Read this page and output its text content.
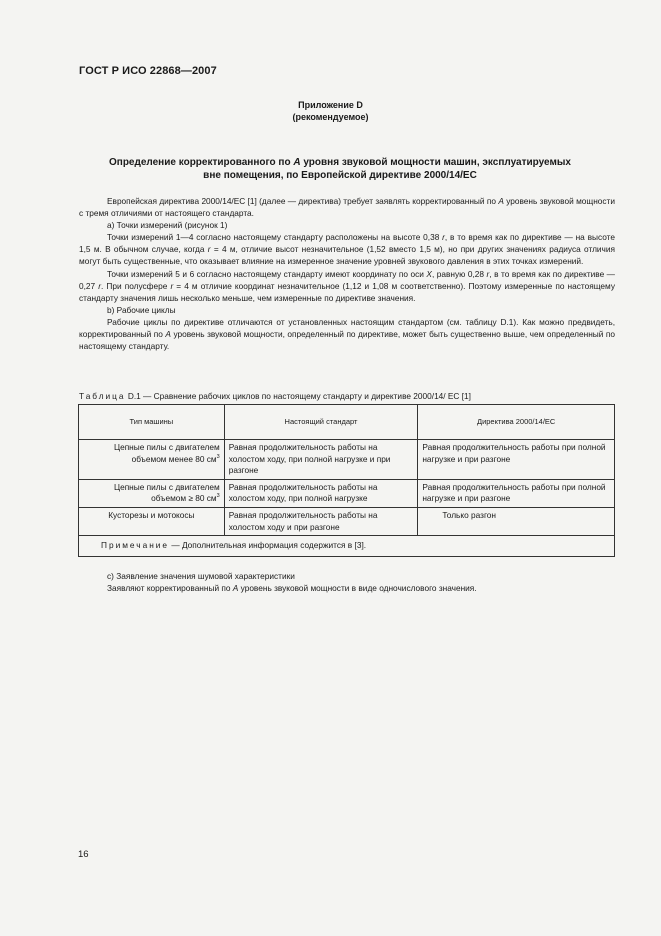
ГОСТ Р ИСО 22868—2007
Приложение D
(рекомендуемое)
Определение корректированного по А уровня звуковой мощности машин, эксплуатируемых
вне помещения, по Европейской директиве 2000/14/ЕС

Европейская директива 2000/14/ЕС [1] (далее — директива) требует заявлять корректированный по А уровень звуковой мощности с тремя отличиями от настоящего стандарта.

a) Точки измерений (рисунок 1)

Точки измерений 1—4 согласно настоящему стандарту расположены на высоте 0,38 r, в то время как по директиве — на высоте 1,5 м. В обычном случае, когда r = 4 м, отличие высот незначительное (1,52 вместо 1,5 м), но при других значениях радиуса отличия могут быть существенные, что оказывает влияние на измеренное значение уровней звукового давления в этих точках измерений.

Точки измерений 5 и 6 согласно настоящему стандарту имеют координату по оси X, равную 0,28 r, в то время как по директиве — 0,27 r. При полусфере r = 4 м отличие координат незначительное (1,12 и 1,08 м соответственно). Поэтому измеренные по настоящему стандарту значения лишь несколько меньше, чем измеренные по директиве значения.

b) Рабочие циклы

Рабочие циклы по директиве отличаются от установленных настоящим стандартом (см. таблицу D.1). Как можно предвидеть, корректированный по А уровень звуковой мощности, определенный по директиве, может быть существенно выше, чем определенный по настоящему стандарту.

Таблица D.1 — Сравнение рабочих циклов по настоящему стандарту и директиве 2000/14/ ЕС [1]
Тип машины	Настоящий стандарт	Директива 2000/14/ЕС
Цепные пилы с двигателем объемом менее 80 $см^3$	Равная продолжительность работы на холостом ходу, при полной нагрузке и при разгоне	Равная продолжительность работы при полной нагрузке и при разгоне
Цепные пилы с двигателем объемом ≥ 80 $см^3$	Равная продолжительность работы на холостом ходу, при полной нагрузке	Равная продолжительность работы при полной нагрузке и при разгоне
Кусторезы и мотокосы	Равная продолжительность работы на холостом ходу и при разгоне	Только разгон
Примечание — Дополнительная информация содержится в [3].		

c) Заявление значения шумовой характеристики

Заявляют корректированный по А уровень звуковой мощности в виде одночислового значения.

16
